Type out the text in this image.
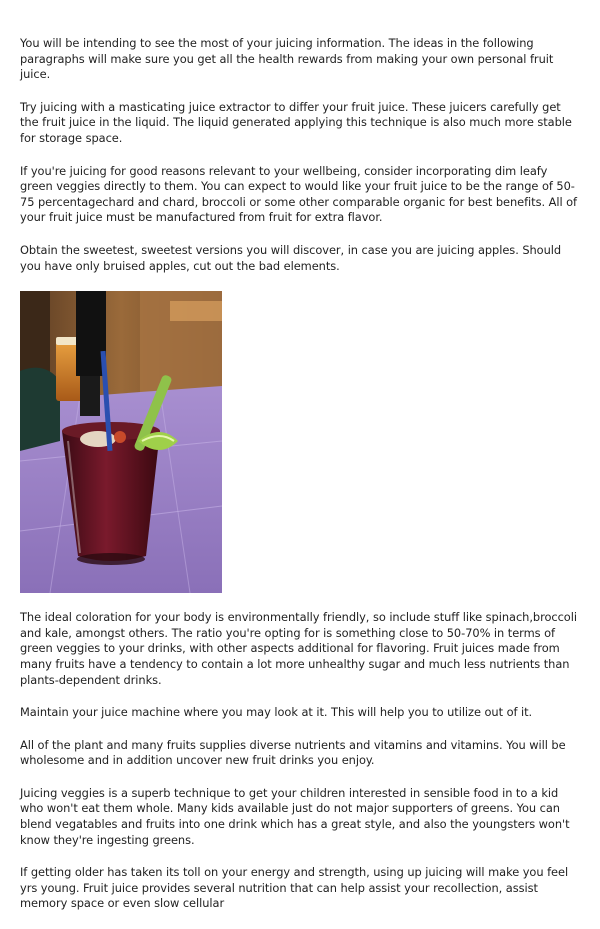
You will be intending to see the most of your juicing information. The ideas in the following paragraphs will make sure you get all the health rewards from making your own personal fruit juice.

Try juicing with a masticating juice extractor to differ your fruit juice. These juicers carefully get the fruit juice in the liquid. The liquid generated applying this technique is also much more stable for storage space.

If you're juicing for good reasons relevant to your wellbeing, consider incorporating dim leafy green veggies directly to them. You can expect to would like your fruit juice to be the range of 50-75 percentagechard and chard, broccoli or some other comparable organic for best benefits. All of your fruit juice must be manufactured from fruit for extra flavor.

Obtain the sweetest, sweetest versions you will discover, in case you are juicing apples. Should you have only bruised apples, cut out the bad elements.

The ideal coloration for your body is environmentally friendly, so include stuff like spinach,broccoli and kale, amongst others. The ratio you're opting for is something close to 50-70% in terms of green veggies to your drinks, with other aspects additional for flavoring. Fruit juices made from many fruits have a tendency to contain a lot more unhealthy sugar and much less nutrients than plants-dependent drinks.

Maintain your juice machine where you may look at it. This will help you to utilize out of it.

All of the plant and many fruits supplies diverse nutrients and vitamins and vitamins. You will be wholesome and in addition uncover new fruit drinks you enjoy.

Juicing veggies is a superb technique to get your children interested in sensible food in to a kid who won't eat them whole. Many kids available just do not major supporters of greens. You can blend vegatables and fruits into one drink which has a great style, and also the youngsters won't know they're ingesting greens.

If getting older has taken its toll on your energy and strength, using up juicing will make you feel yrs young. Fruit juice provides several nutrition that can help assist your recollection, assist memory space or even slow cellular
